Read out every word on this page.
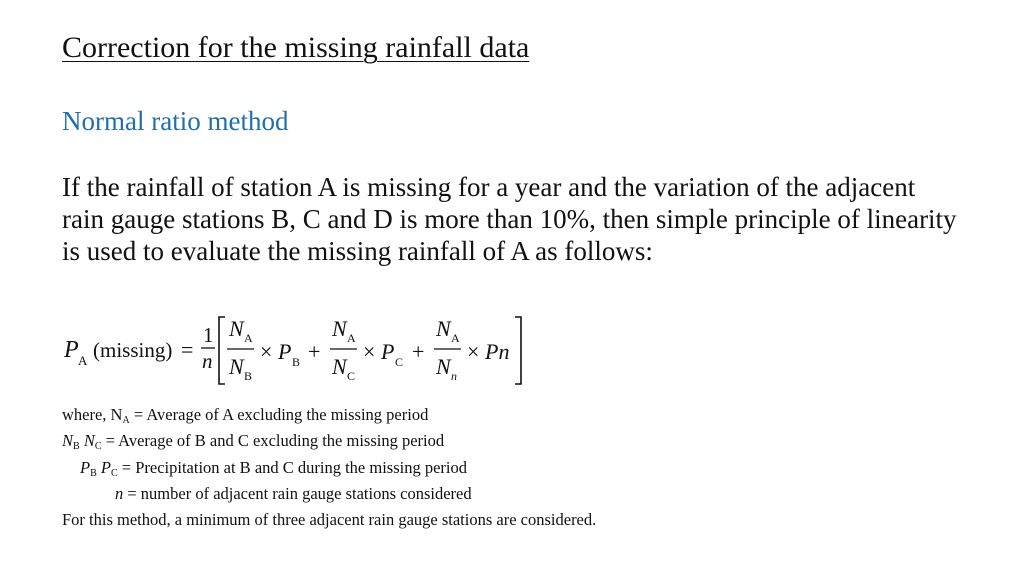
Correction for the missing rainfall data
Normal ratio method
If the rainfall of station A is missing for a year and the variation of the adjacent rain gauge stations B, C and D is more than 10%, then simple principle of linearity is used to evaluate the missing rainfall of A as follows:
P A (missing) =
1
n
N A
N B
× P B +
N A
N C
× P C +
N A
N n
× Pn
where, $N_A$ = Average of A excluding the missing period
$N_B$ $N_C$ = Average of B and C excluding the missing period
$P_B$ $P_C$ = Precipitation at B and C during the missing period
n = number of adjacent rain gauge stations considered
For this method, a minimum of three adjacent rain gauge stations are considered.
